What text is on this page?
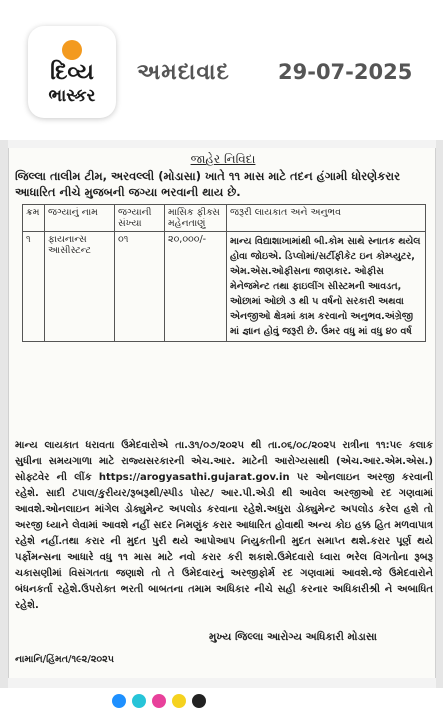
દિવ્ય
ભાસ્કર
અમદાવાદ 29-07-2025
જાહેર નિવિદા
જિલ્લા તાલીમ ટીમ, અરવલ્લી (મોડાસા) ખાતે ૧૧ માસ માટે તદન હંગામી ધોરણેકરાર આધારિત નીચે મુજબની જગ્યા ભરવાની થાય છે.
ક્રમ	જગ્યાનું નામ	જગ્યાની સંખ્યા	માસિક ફીક્સ મહેનતાણું	જરૂરી લાયકાત અને અનુભવ
૧	ફાયનાન્સ આસીસ્ટન્ટ	૦૧	૨૦,૦૦૦/-	માન્ય વિદ્યાશાખામાંથી બી.કોમ સાથે સ્નાતક થયેલ હોવા જોઇએ. ડિપ્લોમાં/સર્ટીફીકેટ ઇન કોમ્પ્યુટર, એમ.એસ.ઓફીસના જાણકાર. ઓફીસ મેનેજમેન્ટ તથા ફાઇલીંગ સીસ્ટમની આવડત, ઓછામાં ઓછો ૩ થી ૫ વર્ષનો સરકારી અથવા એનજીઓ ક્ષેત્રમાં કામ કરવાનો અનુભવ.અંગ્રેજી માં જ્ઞાન હોવું જરૂરી છે. ઉંમર વધુ માં વધુ ૪૦ વર્ષ
માન્ય લાયકાત ધરાવતા ઉમેદવારોએ તા.૩૧/૦૭/૨૦૨૫ થી તા.૦૬/૦૮/૨૦૨૫ રાત્રીના ૧૧:૫૯ કલાક સુધીના સમયગાળા માટે રાજ્યસરકારની એચ.આર. માટેની આરોગ્યસાથી (એચ.આર.એમ.એસ.) સોફ્ટવેર ની લીંક https://arogyasathi.gujarat.gov.in પર ઓનલાઇન અરજી કરવાની રહેશે. સાદી ટપાલ/કુરીયર/રૂબરૂથી/સ્પીડ પોસ્ટ/ આર.પી.એડી થી આવેલ અરજીઓ રદ ગણવામાં આવશે.ઓનલાઇન માંગેલ ડોક્યુમેન્ટ અપલોડ કરવાના રહેશે.અધુરા ડોક્યુમેન્ટ અપલોડ કરેલ હશે તો અરજી ધ્યાને લેવામાં આવશે નહીં સદર નિમણુંક કરાર આધારિત હોવાથી અન્ય કોઇ હક્ક હિત મળવાપાત્ર રહેશે નહીં.તથા કરાર ની મુદત પુરી થયે આપોઆપ નિયુકતીની મુદત સમાપ્ત થશે.કરાર પૂર્ણ થયે પર્ફોમન્સના આધારે વધુ ૧૧ માસ માટે નવો કરાર કરી શકાશે.ઉમેદવારો ધ્વારા ભરેલ વિગતોના રૂબરૂ ચકાસણીમાં વિસંગતતા જણાશે તો તે ઉમેદવારનું અરજીફોર્મ રદ ગણવામાં આવશે.જે ઉમેદવારોને બંધનકર્તા રહેશે.ઉપરોક્ત ભરતી બાબતના તમામ અધિકાર નીચે સહી કરનાર અધિકારીશ્રી ને અબાધિત રહેશે.
મુખ્ય જિલ્લા આરોગ્ય અધિકારી મોડાસા
નામાનિ/હિંમત/૧૯૨/૨૦૨૫
